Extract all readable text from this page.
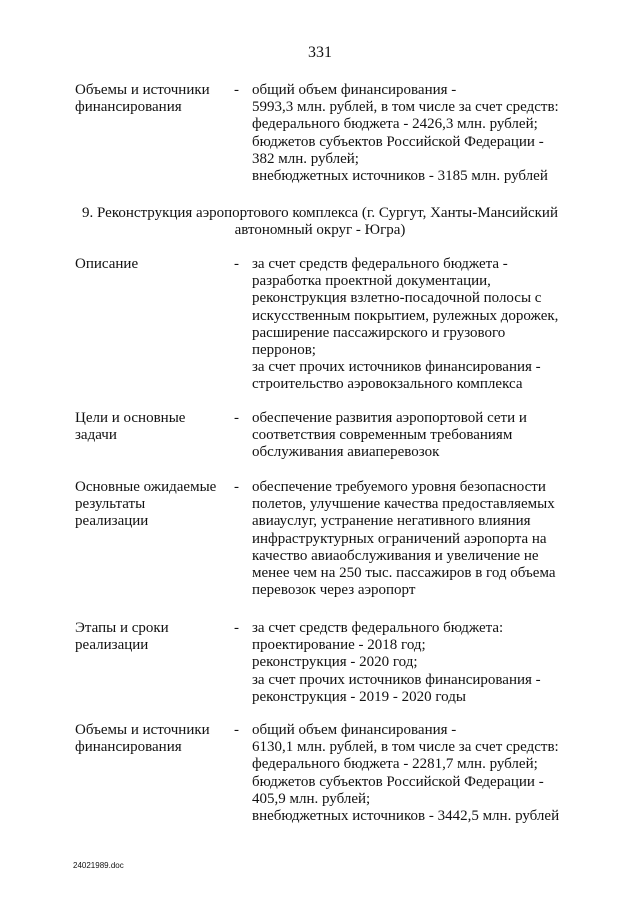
331
Объемы и источники
финансирования
- общий объем финансирования -
5993,3 млн. рублей, в том числе за счет средств:
федерального бюджета - 2426,3 млн. рублей;
бюджетов субъектов Российской Федерации -
382 млн. рублей;
внебюджетных источников - 3185 млн. рублей
9. Реконструкция аэропортового комплекса (г. Сургут, Ханты-Мансийский
автономный округ - Югра)
Описание	- за счет средств федерального бюджета -
разработка проектной документации,
реконструкция взлетно-посадочной полосы с
искусственным покрытием, рулежных дорожек,
расширение пассажирского и грузового
перронов;
за счет прочих источников финансирования -
строительство аэровокзального комплекса
Цели и основные
задачи
- обеспечение развития аэропортовой сети и
соответствия современным требованиям
обслуживания авиаперевозок
Основные ожидаемые
результаты
реализации
- обеспечение требуемого уровня безопасности
полетов, улучшение качества предоставляемых
авиауслуг, устранение негативного влияния
инфраструктурных ограничений аэропорта на
качество авиаобслуживания и увеличение не
менее чем на 250 тыс. пассажиров в год объема
перевозок через аэропорт
Этапы и сроки
реализации
- за счет средств федерального бюджета:
проектирование - 2018 год;
реконструкция - 2020 год;
за счет прочих источников финансирования -
реконструкция - 2019 - 2020 годы
Объемы и источники
финансирования
- общий объем финансирования -
6130,1 млн. рублей, в том числе за счет средств:
федерального бюджета - 2281,7 млн. рублей;
бюджетов субъектов Российской Федерации -
405,9 млн. рублей;
внебюджетных источников - 3442,5 млн. рублей
24021989.doc
